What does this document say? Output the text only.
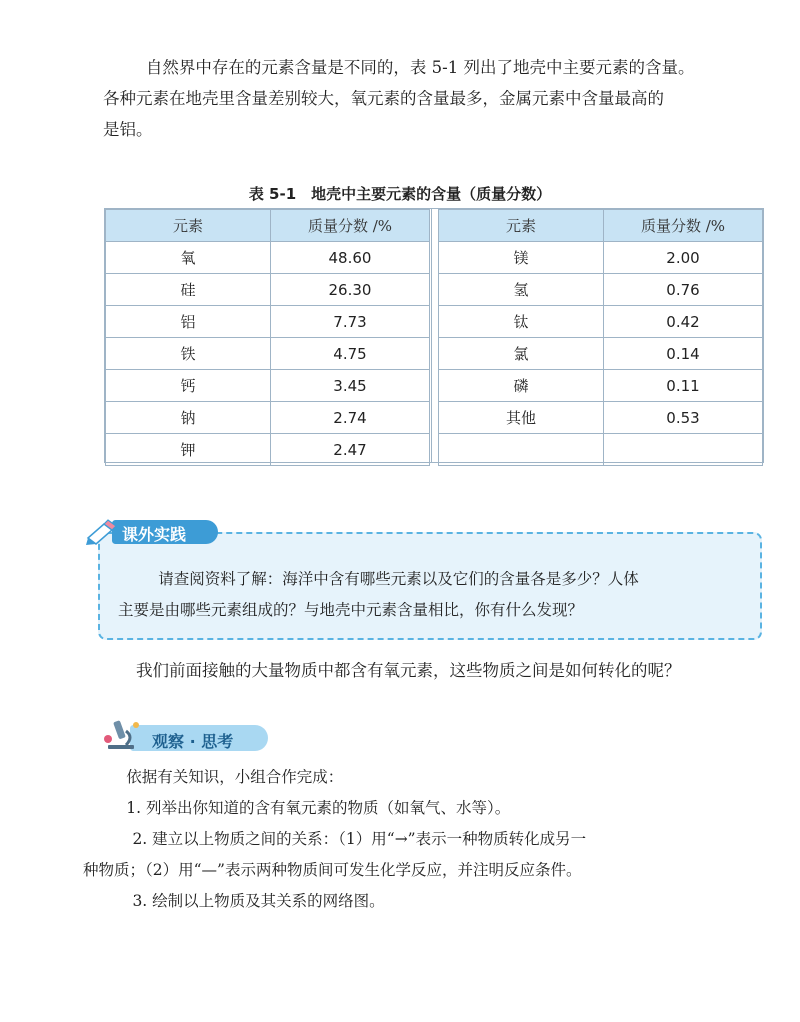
自然界中存在的元素含量是不同的，表 5-1 列出了地壳中主要元素的含量。

各种元素在地壳里含量差别较大，氧元素的含量最多，金属元素中含量最高的

是铝。

表 5-1　地壳中主要元素的含量（质量分数）
元素	质量分数 /%
氧	48.60
硅	26.30
铝	7.73
铁	4.75
钙	3.45
钠	2.74
钾	2.47
元素	质量分数 /%
镁	2.00
氢	0.76
钛	0.42
氯	0.14
磷	0.11
其他	0.53

课外实践

请查阅资料了解：海洋中含有哪些元素以及它们的含量各是多少？人体

主要是由哪些元素组成的？与地壳中元素含量相比，你有什么发现？

我们前面接触的大量物质中都含有氧元素，这些物质之间是如何转化的呢？

观察 · 思考

依据有关知识，小组合作完成：

1. 列举出你知道的含有氧元素的物质（如氧气、水等）。

2. 建立以上物质之间的关系：（1）用“→”表示一种物质转化成另一

种物质；（2）用“—”表示两种物质间可发生化学反应，并注明反应条件。

3. 绘制以上物质及其关系的网络图。
